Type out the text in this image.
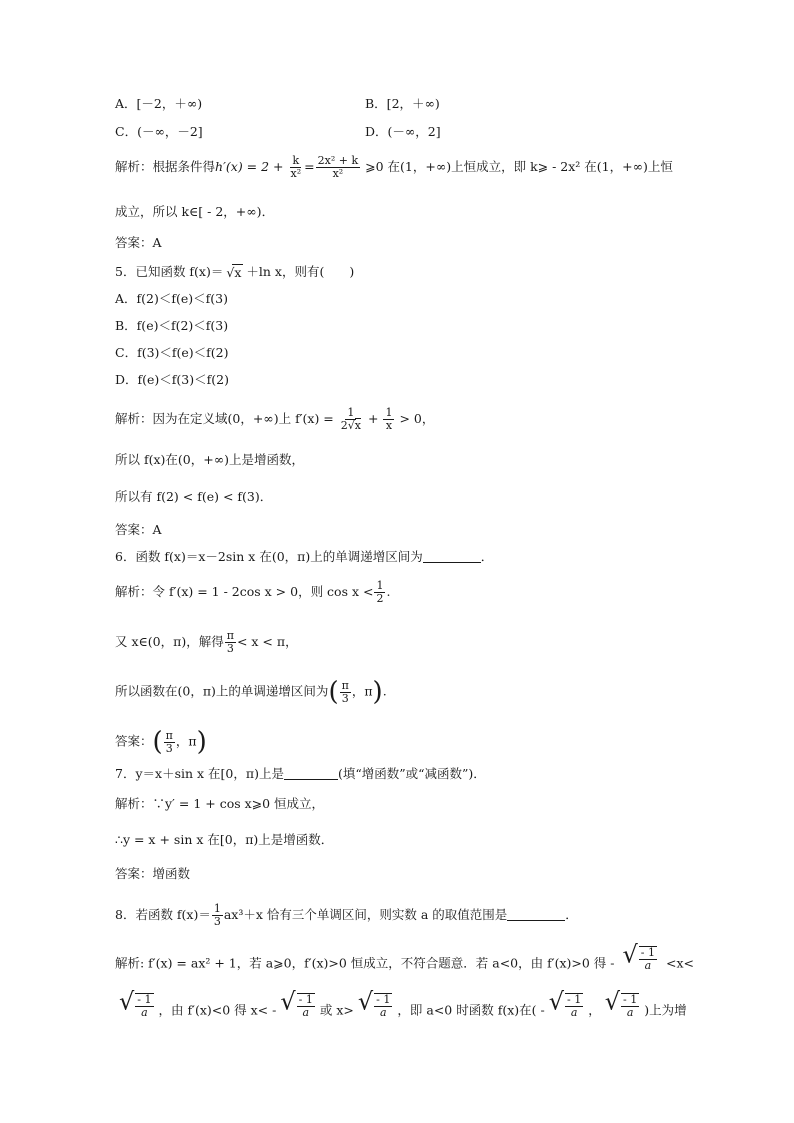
A．[－2，＋∞)	B．[2，＋∞)
C．(－∞，－2]	D．(－∞，2]
解析：根据条件得$h'(x) = 2 + \frac{k}{\text{x²}} = \frac{\text{2x² + k}}{\text{x²}}$ ⩾0 在(1，+∞)上恒成立，即 k⩾ - 2x² 在(1，+∞)上恒
成立，所以 k∈[ - 2，+∞)．
答案：A
5．已知函数 f(x)＝ √x ＋ln x，则有(　　)
A．f(2)＜f(e)＜f(3)
B．f(e)＜f(2)＜f(3)
C．f(3)＜f(e)＜f(2)
D．f(e)＜f(3)＜f(2)
解析：因为在定义域(0，+∞)上 $f'(x) = \frac{1}{2√x} + \frac{1}{x} > 0$，
所以 f(x)在(0，+∞)上是增函数，
所以有 f(2) < f(e) < f(3)．
答案：A
6．函数 f(x)＝x－2sin x 在(0，π)上的单调递增区间为	．
解析：令 f′(x) = 1 - 2cos x > 0，则 $\cos x < \frac{1}{2}$ .
又 x∈(0，π)，解得 $\frac{\pi}{3} < x < \pi$，
所以函数在(0，π)上的单调递增区间为( $\frac{\pi}{3}$ ，π).
答案：( $\frac{\pi}{3}$ ，π)
7．y＝x＋sin x 在[0，π)上是	(填“增函数”或“减函数”)．
解析：∵y′ = 1 + cos x⩾0 恒成立，
∴y = x + sin x 在[0，π)上是增函数．
答案：增函数
8．若函数 $f(x)= \frac{1}{3} ax^3+x$ 恰有三个单调区间，则实数 a 的取值范围是	．
解析: f′(x) = ax² + 1，若 a⩾0，f′(x)>0 恒成立，不符合题意．若 a<0，由 f′(x)>0 得 - √ $\frac{- 1}{a} <x<$
√ $\frac{- 1}{a}$ ，由 f′(x)<0 得 x< - √ $\frac{- 1}{a}$ 或 x> √ $\frac{- 1}{a}$ ，即 a<0 时函数 f(x)在( - √ $\frac{- 1}{a}$ ， √ $\frac{- 1}{a}$ )上为增
